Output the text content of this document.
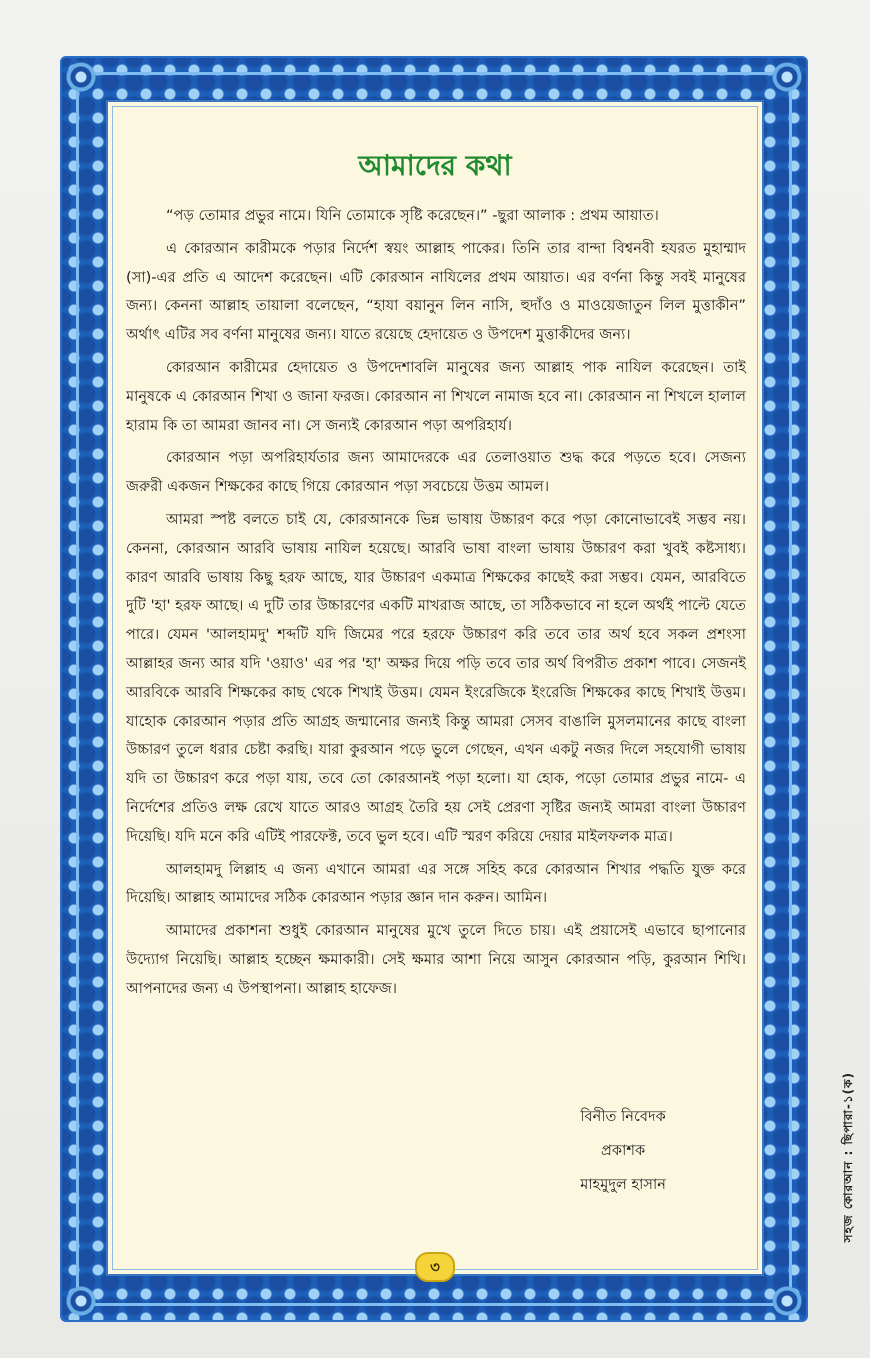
আমাদের কথা

“পড় তোমার প্রভুর নামে। যিনি তোমাকে সৃষ্টি করেছেন।” -ছুরা আলাক : প্রথম আয়াত।

এ কোরআন কারীমকে পড়ার নির্দেশ স্বয়ং আল্লাহ পাকের। তিনি তার বান্দা বিশ্বনবী হযরত মুহাম্মাদ (সা)-এর প্রতি এ আদেশ করেছেন। এটি কোরআন নাযিলের প্রথম আয়াত। এর বর্ণনা কিন্তু সবই মানুষের জন্য। কেননা আল্লাহ তায়ালা বলেছেন, “হাযা বয়ানুন লিন নাসি, হুদাঁও ও মাওয়েজাতুন লিল মুত্তাকীন” অর্থাৎ এটির সব বর্ণনা মানুষের জন্য। যাতে রয়েছে হেদায়েত ও উপদেশ মুত্তাকীদের জন্য।

কোরআন কারীমের হেদায়েত ও উপদেশাবলি মানুষের জন্য আল্লাহ পাক নাযিল করেছেন। তাই মানুষকে এ কোরআন শিখা ও জানা ফরজ। কোরআন না শিখলে নামাজ হবে না। কোরআন না শিখলে হালাল হারাম কি তা আমরা জানব না। সে জন্যই কোরআন পড়া অপরিহার্য।

কোরআন পড়া অপরিহার্যতার জন্য আমাদেরকে এর তেলাওয়াত শুদ্ধ করে পড়তে হবে। সেজন্য জরুরী একজন শিক্ষকের কাছে গিয়ে কোরআন পড়া সবচেয়ে উত্তম আমল।

আমরা স্পষ্ট বলতে চাই যে, কোরআনকে ভিন্ন ভাষায় উচ্চারণ করে পড়া কোনোভাবেই সম্ভব নয়। কেননা, কোরআন আরবি ভাষায় নাযিল হয়েছে। আরবি ভাষা বাংলা ভাষায় উচ্চারণ করা খুবই কষ্টসাধ্য। কারণ আরবি ভাষায় কিছু হরফ আছে, যার উচ্চারণ একমাত্র শিক্ষকের কাছেই করা সম্ভব। যেমন, আরবিতে দুটি 'হা' হরফ আছে। এ দুটি তার উচ্চারণের একটি মাখরাজ আছে, তা সঠিকভাবে না হলে অর্থই পাল্টে যেতে পারে। যেমন 'আলহামদু' শব্দটি যদি জিমের পরে হরফে উচ্চারণ করি তবে তার অর্থ হবে সকল প্রশংসা আল্লাহর জন্য আর যদি 'ওয়াও' এর পর 'হা' অক্ষর দিয়ে পড়ি তবে তার অর্থ বিপরীত প্রকাশ পাবে। সেজনই আরবিকে আরবি শিক্ষকের কাছ থেকে শিখাই উত্তম। যেমন ইংরেজিকে ইংরেজি শিক্ষকের কাছে শিখাই উত্তম। যাহোক কোরআন পড়ার প্রতি আগ্রহ জন্মানোর জন্যই কিন্তু আমরা সেসব বাঙালি মুসলমানের কাছে বাংলা উচ্চারণ তুলে ধরার চেষ্টা করছি। যারা কুরআন পড়ে ভুলে গেছেন, এখন একটু নজর দিলে সহযোগী ভাষায় যদি তা উচ্চারণ করে পড়া যায়, তবে তো কোরআনই পড়া হলো। যা হোক, পড়ো তোমার প্রভুর নামে- এ নির্দেশের প্রতিও লক্ষ রেখে যাতে আরও আগ্রহ তৈরি হয় সেই প্রেরণা সৃষ্টির জন্যই আমরা বাংলা উচ্চারণ দিয়েছি। যদি মনে করি এটিই পারফেক্ট, তবে ভুল হবে। এটি স্মরণ করিয়ে দেয়ার মাইলফলক মাত্র।

আলহামদু লিল্লাহ এ জন্য এখানে আমরা এর সঙ্গে সহিহ করে কোরআন শিখার পদ্ধতি যুক্ত করে দিয়েছি। আল্লাহ আমাদের সঠিক কোরআন পড়ার জ্ঞান দান করুন। আমিন।

আমাদের প্রকাশনা শুধুই কোরআন মানুষের মুখে তুলে দিতে চায়। এই প্রয়াসেই এভাবে ছাপানোর উদ্যোগ নিয়েছি। আল্লাহ হচ্ছেন ক্ষমাকারী। সেই ক্ষমার আশা নিয়ে আসুন কোরআন পড়ি, কুরআন শিখি। আপনাদের জন্য এ উপস্থাপনা। আল্লাহ হাফেজ।

বিনীত নিবেদক
প্রকাশক
মাহমুদুল হাসান
৩
সহজ কোরআন : ছিপারা-১(ক)
